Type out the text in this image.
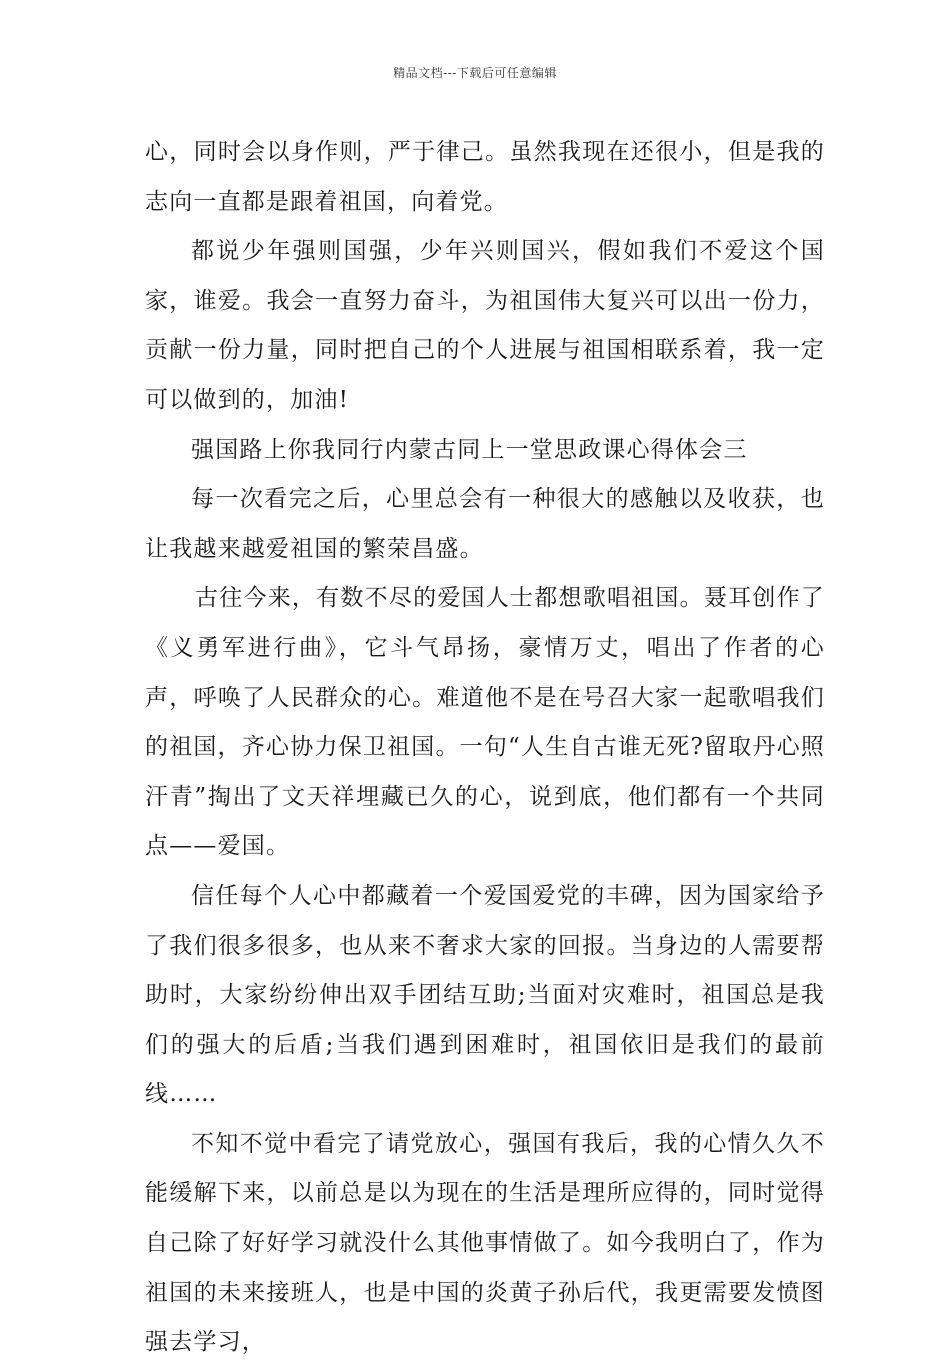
精品文档---下载后可任意编辑

心，同时会以身作则，严于律己。虽然我现在还很小，但是我的志向一直都是跟着祖国，向着党。

都说少年强则国强，少年兴则国兴，假如我们不爱这个国家，谁爱。我会一直努力奋斗，为祖国伟大复兴可以出一份力，贡献一份力量，同时把自己的个人进展与祖国相联系着，我一定可以做到的，加油!

强国路上你我同行内蒙古同上一堂思政课心得体会三

每一次看完之后，心里总会有一种很大的感触以及收获，也让我越来越爱祖国的繁荣昌盛。

古往今来，有数不尽的爱国人士都想歌唱祖国。聂耳创作了《义勇军进行曲》，它斗气昂扬，豪情万丈，唱出了作者的心声，呼唤了人民群众的心。难道他不是在号召大家一起歌唱我们的祖国，齐心协力保卫祖国。一句“人生自古谁无死?留取丹心照汗青”掏出了文天祥埋藏已久的心，说到底，他们都有一个共同点——爱国。

信任每个人心中都藏着一个爱国爱党的丰碑，因为国家给予了我们很多很多，也从来不奢求大家的回报。当身边的人需要帮助时，大家纷纷伸出双手团结互助;当面对灾难时，祖国总是我们的强大的后盾;当我们遇到困难时，祖国依旧是我们的最前线……

不知不觉中看完了请党放心，强国有我后，我的心情久久不能缓解下来，以前总是以为现在的生活是理所应得的，同时觉得自己除了好好学习就没什么其他事情做了。如今我明白了，作为祖国的未来接班人，也是中国的炎黄子孙后代，我更需要发愤图强去学习，
